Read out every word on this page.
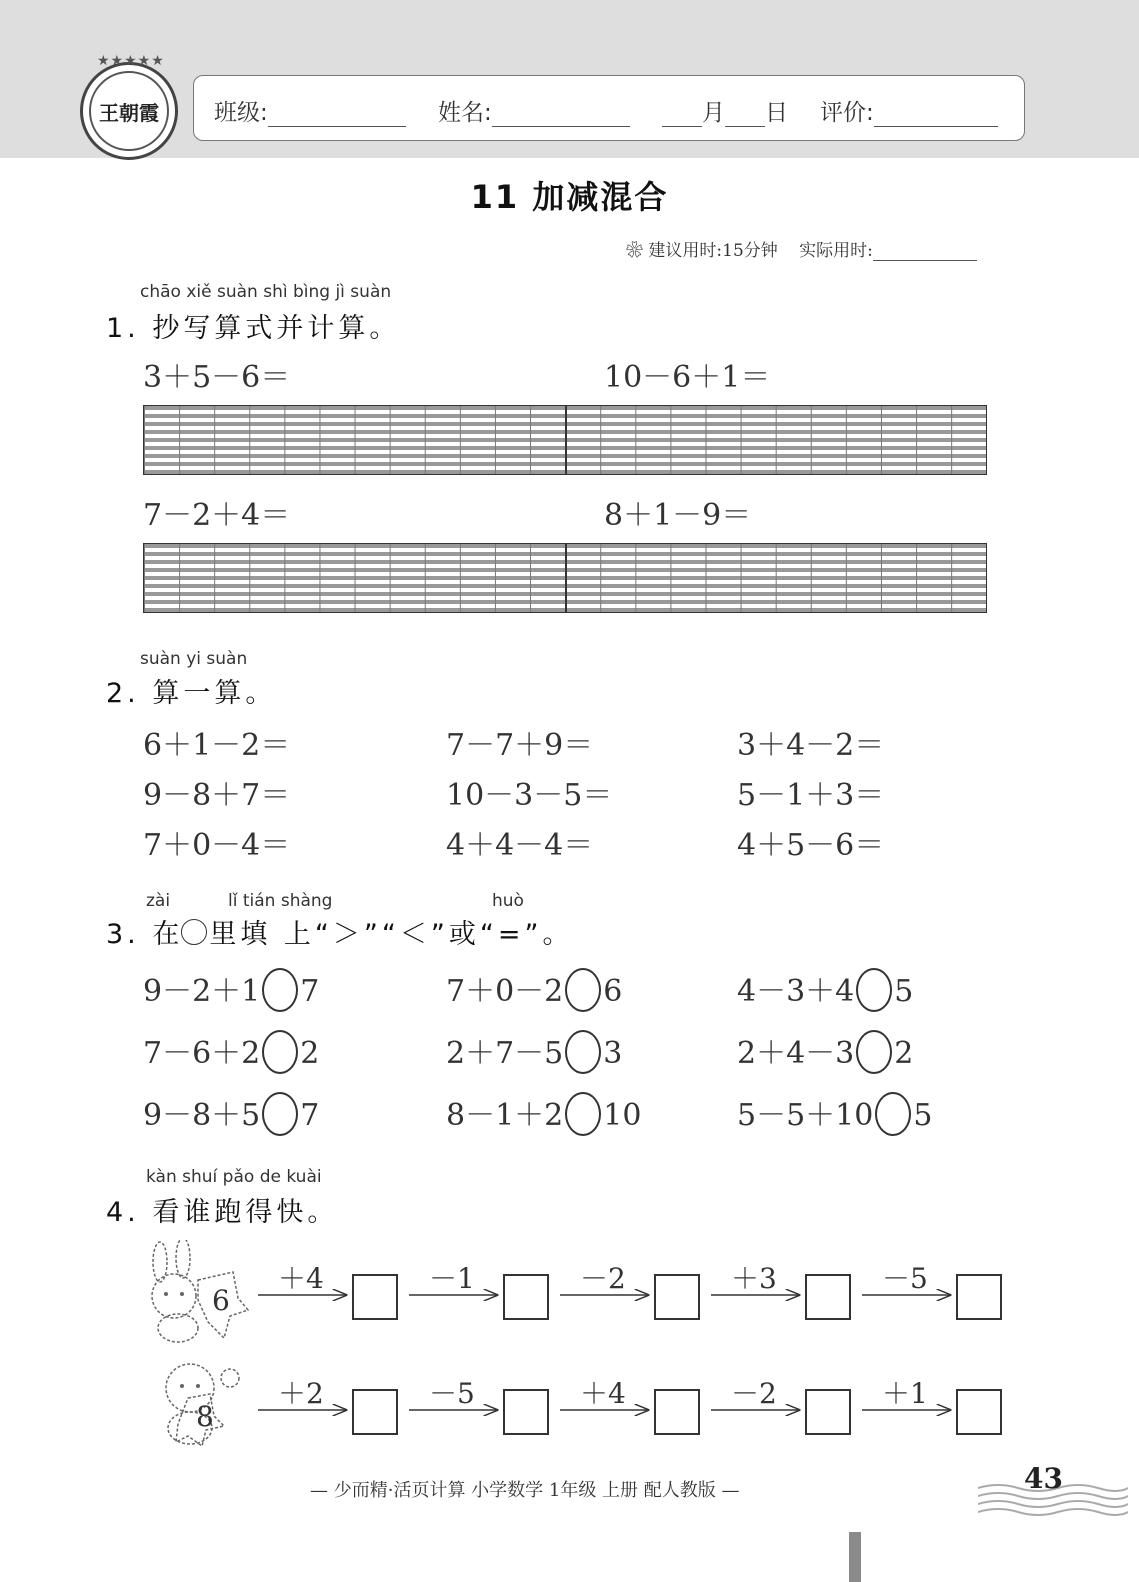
★★★★★
王朝霞	班级:	姓名:	月 日 评价:
11 加减混合
❀ 建议用时:15分钟 实际用时:
chāo xiě suàn shì bìng jì suàn
1. 抄写算式并计算。
3＋5－6＝	10－6＋1＝
7－2＋4＝	8＋1－9＝
suàn yi suàn
2. 算一算。
6＋1－2＝	7－7＋9＝	3＋4－2＝
9－8＋7＝	10－3－5＝	5－1＋3＝
7＋0－4＝	4＋4－4＝	4＋5－6＝
zài	lǐ tián shàng	huò
3. 在 里填 上“＞”“＜”或“=”。
9－2＋1 7	7＋0－2 6	4－3＋4 5
7－6＋2 2	2＋7－5 3	2＋4－3 2
9－8＋5 7	8－1＋2 10	5－5＋10 5
kàn shuí pǎo de kuài
4. 看谁跑得快。
6
8
＋4	－1	－2	＋3	－5
＋2	－5	＋4	－2	＋1
— 少而精·活页计算 小学数学 1年级 上册 配人教版 —	43
